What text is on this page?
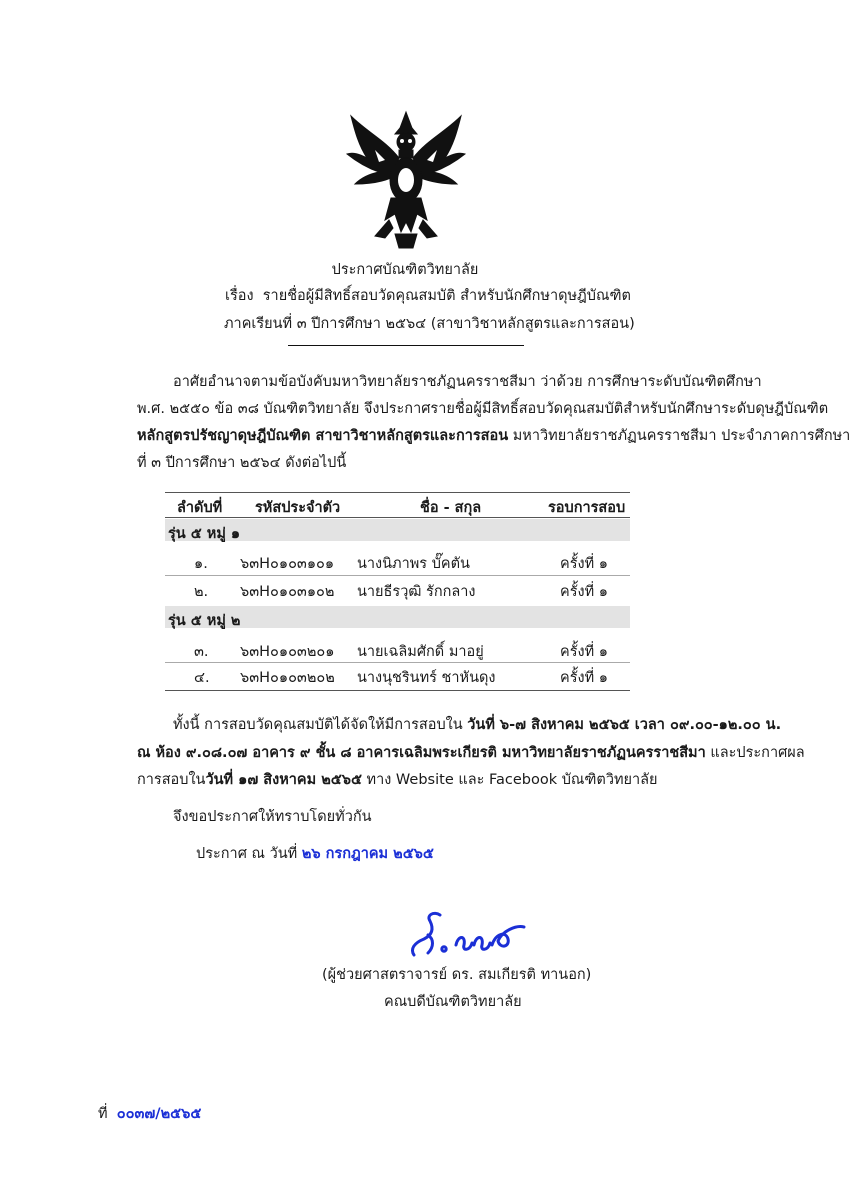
ประกาศบัณฑิตวิทยาลัย
เรื่อง รายชื่อผู้มีสิทธิ์สอบวัดคุณสมบัติ สำหรับนักศึกษาดุษฎีบัณฑิต
ภาคเรียนที่ ๓ ปีการศึกษา ๒๕๖๔ (สาขาวิชาหลักสูตรและการสอน)
อาศัยอำนาจตามข้อบังคับมหาวิทยาลัยราชภัฏนครราชสีมา ว่าด้วย การศึกษาระดับบัณฑิตศึกษา
พ.ศ. ๒๕๕๐ ข้อ ๓๘ บัณฑิตวิทยาลัย จึงประกาศรายชื่อผู้มีสิทธิ์สอบวัดคุณสมบัติสำหรับนักศึกษาระดับดุษฎีบัณฑิต
หลักสูตรปรัชญาดุษฎีบัณฑิต สาขาวิชาหลักสูตรและการสอน มหาวิทยาลัยราชภัฏนครราชสีมา ประจำภาคการศึกษา
ที่ ๓ ปีการศึกษา ๒๕๖๔ ดังต่อไปนี้
ลำดับที่ รหัสประจำตัว	ชื่อ - สกุล	รอบการสอบ
รุ่น ๕ หมู่ ๑
๑. ๖๓H๐๑๐๓๑๐๑ นางนิภาพร บั๊คตัน	ครั้งที่ ๑
๒. ๖๓H๐๑๐๓๑๐๒ นายธีรวุฒิ รักกลาง	ครั้งที่ ๑
รุ่น ๕ หมู่ ๒
๓. ๖๓H๐๑๐๓๒๐๑ นายเฉลิมศักดิ์ มาอยู่	ครั้งที่ ๑
๔. ๖๓H๐๑๐๓๒๐๒ นางนุชรินทร์ ชาหันดุง	ครั้งที่ ๑
ทั้งนี้ การสอบวัดคุณสมบัติได้จัดให้มีการสอบใน วันที่ ๖-๗ สิงหาคม ๒๕๖๕ เวลา ๐๙.๐๐-๑๒.๐๐ น.
ณ ห้อง ๙.๐๘.๐๗ อาคาร ๙ ชั้น ๘ อาคารเฉลิมพระเกียรติ มหาวิทยาลัยราชภัฏนครราชสีมา และประกาศผล
การสอบในวันที่ ๑๗ สิงหาคม ๒๕๖๕ ทาง Website และ Facebook บัณฑิตวิทยาลัย
จึงขอประกาศให้ทราบโดยทั่วกัน
ประกาศ ณ วันที่ ๒๖ กรกฎาคม ๒๕๖๕
(ผู้ช่วยศาสตราจารย์ ดร. สมเกียรติ ทานอก)
คณบดีบัณฑิตวิทยาลัย
ที่ ๐๐๓๗/๒๕๖๕
